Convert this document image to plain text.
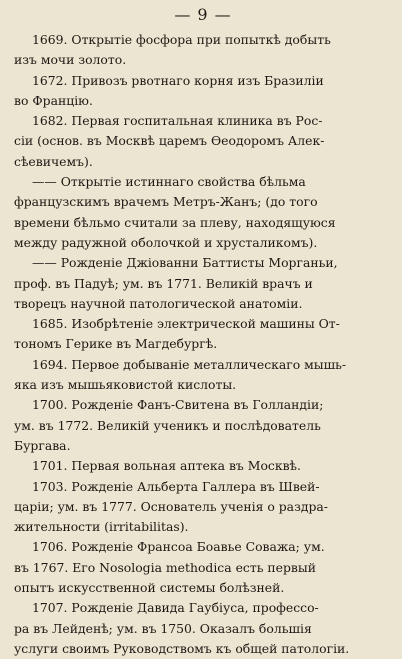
— 9 —
1669. Открытіе фосфора при попыткѣ добыть
изъ мочи золото.
1672. Привозъ рвотнаго корня изъ Бразиліи
во Францію.
1682. Первая госпитальная клиника въ Рос-
сіи (основ. въ Москвѣ царемъ Ѳеодоромъ Алек-
сѣевичемъ).
—— Открытіе истиннаго свойства бѣльма
французскимъ врачемъ Метръ-Жанъ; (до того
времени бѣльмо считали за плеву, находящуюся
между радужной оболочкой и хрусталикомъ).
—— Рожденіе Джіованни Баттисты Морганьи,
проф. въ Падуѣ; ум. въ 1771. Великій врачъ и
творецъ научной патологической анатоміи.
1685. Изобрѣтеніе электрической машины От-
тономъ Герике въ Магдебургѣ.
1694. Первое добываніе металлическаго мышь-
яка изъ мышьяковистой кислоты.
1700. Рожденіе Фанъ-Свитена въ Голландіи;
ум. въ 1772. Великій ученикъ и послѣдователь
Бургава.
1701. Первая вольная аптека въ Москвѣ.
1703. Рожденіе Альберта Галлера въ Швей-
царіи; ум. въ 1777. Основатель ученія о раздра-
жительности (irritabilitas).
1706. Рожденіе Франсоа Боавье Соважа; ум.
въ 1767. Его Nosologia methodica есть первый
опытъ искусственной системы болѣзней.
1707. Рожденіе Давида Гаубіуса, профессо-
ра въ Лейденѣ; ум. въ 1750. Оказалъ большія
услуги своимъ Руководствомъ къ общей патологіи.
